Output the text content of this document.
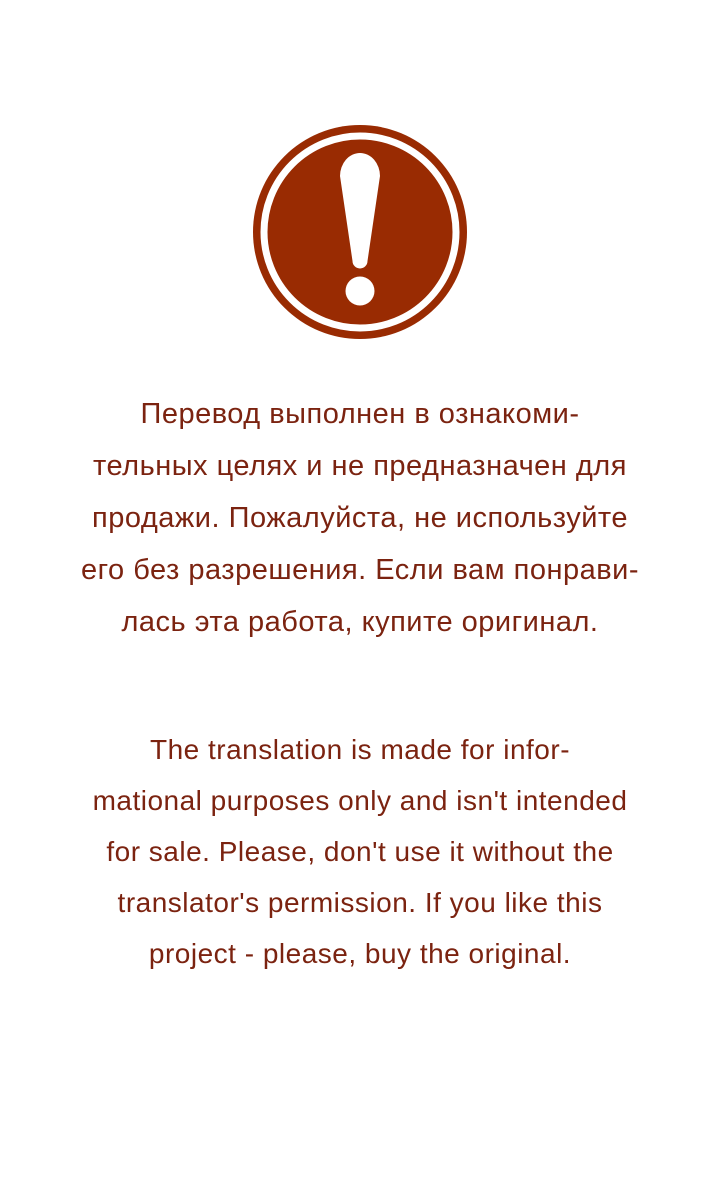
Перевод выполнен в ознакоми-

тельных целях и не предназначен для

продажи. Пожалуйста, не используйте

его без разрешения. Если вам понрави-

лась эта работа, купите оригинал.

The translation is made for infor-

mational purposes only and isn't intended

for sale. Please, don't use it without the

translator's permission. If you like this

project - please, buy the original.
